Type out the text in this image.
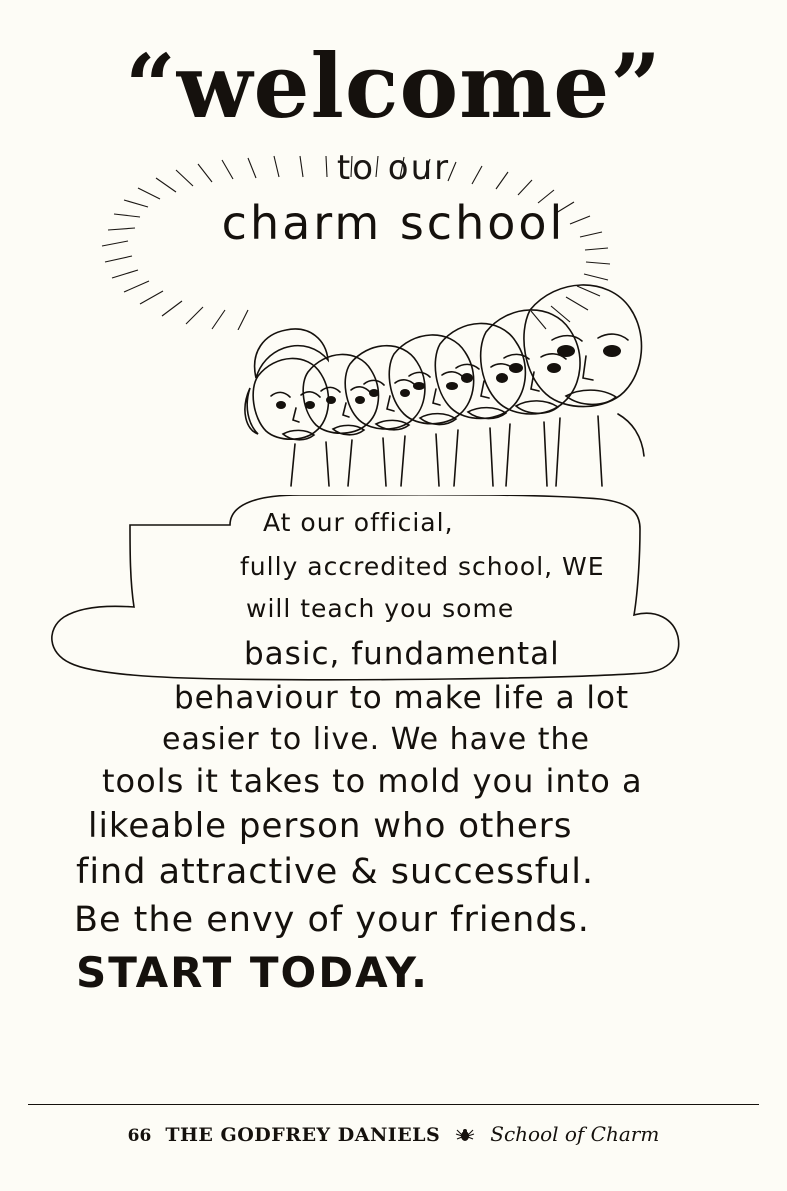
“welcome”
to our
charm school
At our official,
fully accredited school, WE
will teach you some
basic, fundamental
behaviour to make life a lot
easier to live. We have the
tools it takes to mold you into a
likeable person who others
find attractive & successful.
Be the envy of your friends.
START TODAY.
66 THE GODFREY DANIELS	School of Charm
